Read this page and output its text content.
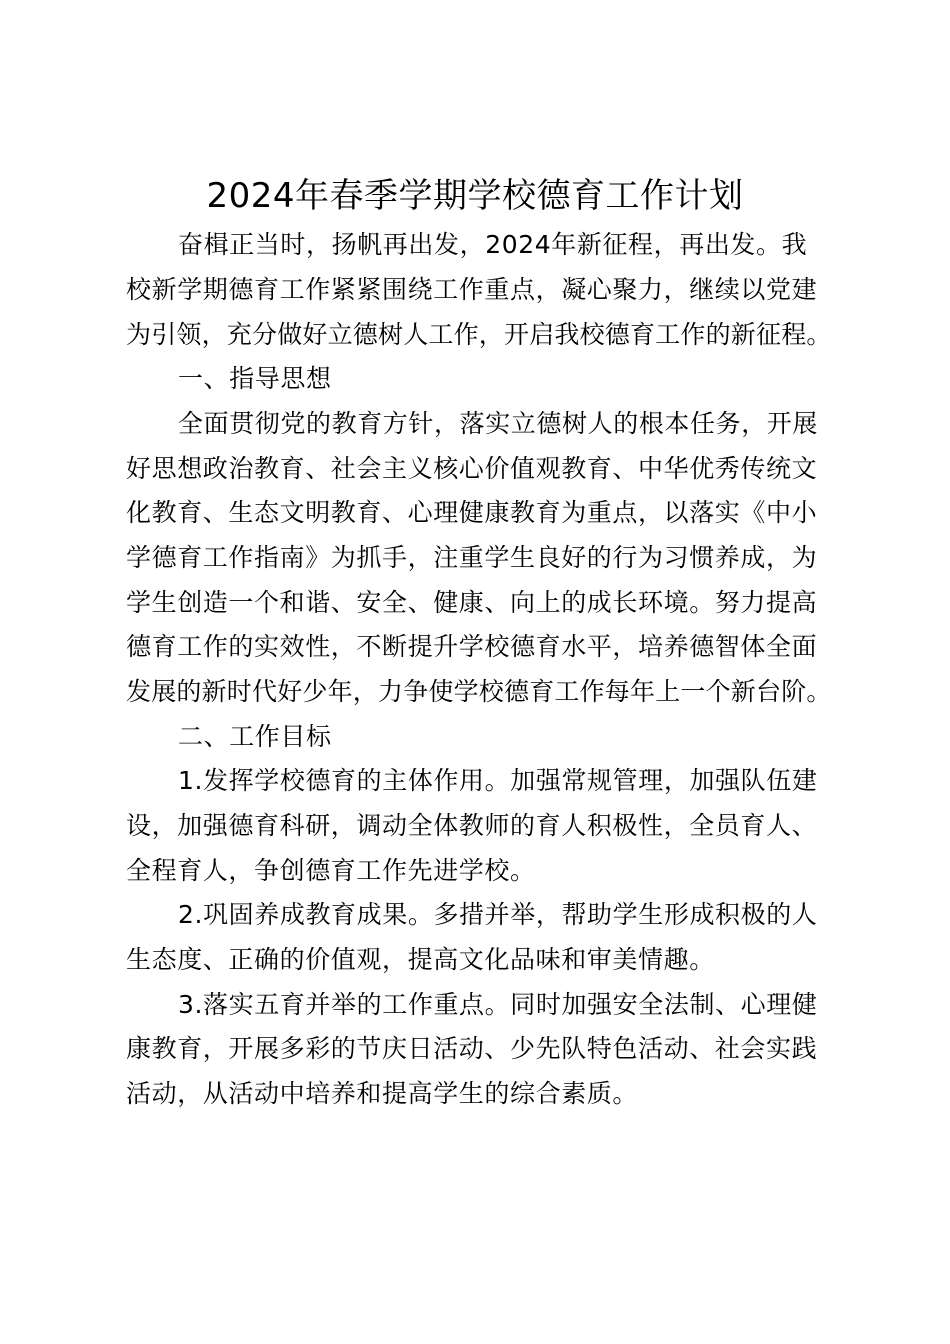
2024年春季学期学校德育工作计划
奋楫正当时，扬帆再出发，2024年新征程，再出发。我
校新学期德育工作紧紧围绕工作重点，凝心聚力，继续以党建
为引领，充分做好立德树人工作，开启我校德育工作的新征程。
一、指导思想
全面贯彻党的教育方针，落实立德树人的根本任务，开展
好思想政治教育、社会主义核心价值观教育、中华优秀传统文
化教育、生态文明教育、心理健康教育为重点，以落实《中小
学德育工作指南》为抓手，注重学生良好的行为习惯养成，为
学生创造一个和谐、安全、健康、向上的成长环境。努力提高
德育工作的实效性，不断提升学校德育水平，培养德智体全面
发展的新时代好少年，力争使学校德育工作每年上一个新台阶。
二、工作目标
1.发挥学校德育的主体作用。加强常规管理，加强队伍建
设，加强德育科研，调动全体教师的育人积极性，全员育人、
全程育人，争创德育工作先进学校。
2.巩固养成教育成果。多措并举，帮助学生形成积极的人
生态度、正确的价值观，提高文化品味和审美情趣。
3.落实五育并举的工作重点。同时加强安全法制、心理健
康教育，开展多彩的节庆日活动、少先队特色活动、社会实践
活动，从活动中培养和提高学生的综合素质。
